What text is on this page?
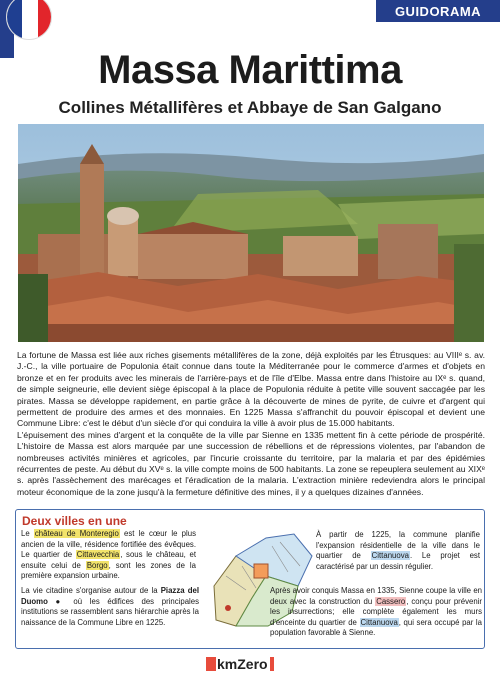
GUIDORAMA
Massa Marittima
Collines Métallifères et Abbaye de San Galgano

La fortune de Massa est liée aux riches gisements métallifères de la zone, déjà exploités par les Étrusques: au VIIIᵉ s. av. J.-C., la ville portuaire de Populonia était connue dans toute la Méditerranée pour le commerce d'armes et d'objets en bronze et en fer produits avec les minerais de l'arrière-pays et de l'île d'Elbe. Massa entre dans l'histoire au IXᵉ s. quand, de simple seigneurie, elle devient siège épiscopal à la place de Populonia réduite à petite ville souvent saccagée par les pirates. Massa se développe rapidement, en partie grâce à la découverte de mines de pyrite, de cuivre et d'argent qui permettent de produire des armes et des monnaies. En 1225 Massa s'affranchit du pouvoir épiscopal et devient une Commune Libre: c'est le début d'un siècle d'or qui conduira la ville à avoir plus de 15.000 habitants.

L'épuisement des mines d'argent et la conquête de la ville par Sienne en 1335 mettent fin à cette période de prospérité. L'histoire de Massa est alors marquée par une succession de rébellions et de répressions violentes, par l'abandon de nombreuses activités minières et agricoles, par l'incurie croissante du territoire, par la malaria et par des épidémies récurrentes de peste. Au début du XVᵉ s. la ville compte moins de 500 habitants. La zone se repeuplera seulement au XIXᵉ s. après l'assèchement des marécages et l'éradication de la malaria. L'extraction minière redeviendra alors le principal moteur économique de la zone jusqu'à la fermeture définitive des mines, il y a quelques dizaines d'années.

Deux villes en une
Le château de Monteregio est le cœur le plus ancien de la ville, résidence fortifiée des évêques. Le quartier de Cittavecchia, sous le château, et ensuite celui de Borgo, sont les zones de la première expansion urbaine.
La vie citadine s'organise autour de la Piazza del Duomo ● où les édifices des principales institutions se rassemblent sans hiérarchie après la naissance de la Commune Libre en 1225.
À partir de 1225, la commune planifie l'expansion résidentielle de la ville dans le quartier de Cittanuova. Le projet est caractérisé par un dessin régulier.
Après avoir conquis Massa en 1335, Sienne coupe la ville en deux avec la construction du Cassero, conçu pour prévenir les insurrections; elle complète également les murs d'enceinte du quartier de Cittanuova, qui sera occupé par la population favorable à Sienne.
kmZero
